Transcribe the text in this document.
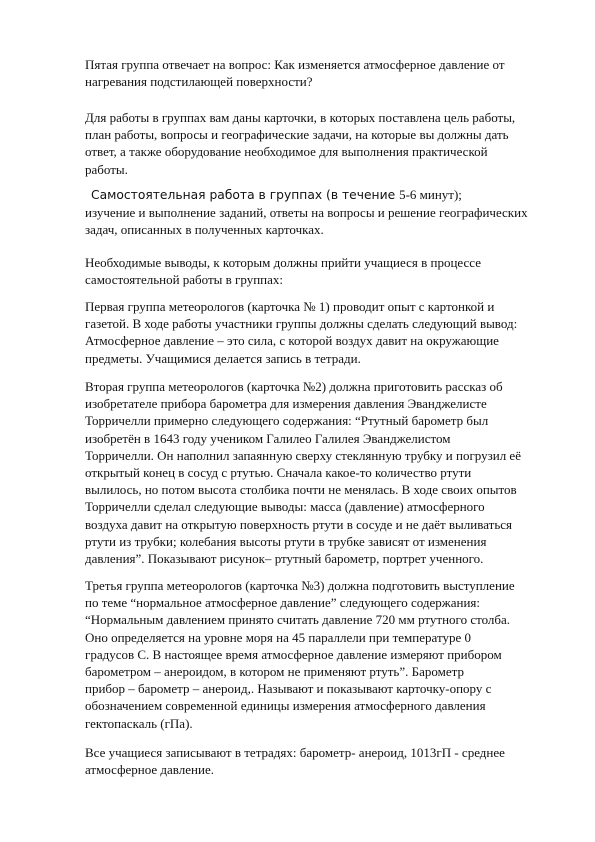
Пятая группа отвечает на вопрос: Как изменяется атмосферное давление от
нагревания подстилающей поверхности?

Для работы в группах вам даны карточки, в которых поставлена цель работы,
план работы, вопросы и географические задачи, на которые вы должны дать
ответ, а также оборудование необходимое для выполнения практической
работы.

Самостоятельная работа в группах (в течение 5-6 минут);
изучение и выполнение заданий, ответы на вопросы и решение географических
задач, описанных в полученных карточках.

Необходимые выводы, к которым должны прийти учащиеся в процессе
самостоятельной работы в группах:

Первая группа метеорологов (карточка № 1) проводит опыт с картонкой и
газетой. В ходе работы участники группы должны сделать следующий вывод:
Атмосферное давление – это сила, с которой воздух давит на окружающие
предметы. Учащимися делается запись в тетради.

Вторая группа метеорологов (карточка №2) должна приготовить рассказ об
изобретателе прибора барометра для измерения давления Эванджелисте
Торричелли примерно следующего содержания: “Ртутный барометр был
изобретён в 1643 году учеником Галилео Галилея Эванджелистом
Торричелли. Он наполнил запаянную сверху стеклянную трубку и погрузил её
открытый конец в сосуд с ртутью. Сначала какое-то количество ртути
вылилось, но потом высота столбика почти не менялась. В ходе своих опытов
Торричелли сделал следующие выводы: масса (давление) атмосферного
воздуха давит на открытую поверхность ртути в сосуде и не даёт выливаться
ртути из трубки; колебания высоты ртути в трубке зависят от изменения
давления”. Показывают рисунок– ртутный барометр, портрет ученного.

Третья группа метеорологов (карточка №3) должна подготовить выступление
по теме “нормальное атмосферное давление” следующего содержания:
“Нормальным давлением принято считать давление 720 мм ртутного столба.
Оно определяется на уровне моря на 45 параллели при температуре 0
градусов С. В настоящее время атмосферное давление измеряют прибором
барометром – анероидом, в котором не применяют ртуть”. Барометр
прибор – барометр – анероид,. Называют и показывают карточку-опору с
обозначением современной единицы измерения атмосферного давления
гектопаскаль (гПа).

Все учащиеся записывают в тетрадях: барометр- анероид, 1013гП - среднее
атмосферное давление.
